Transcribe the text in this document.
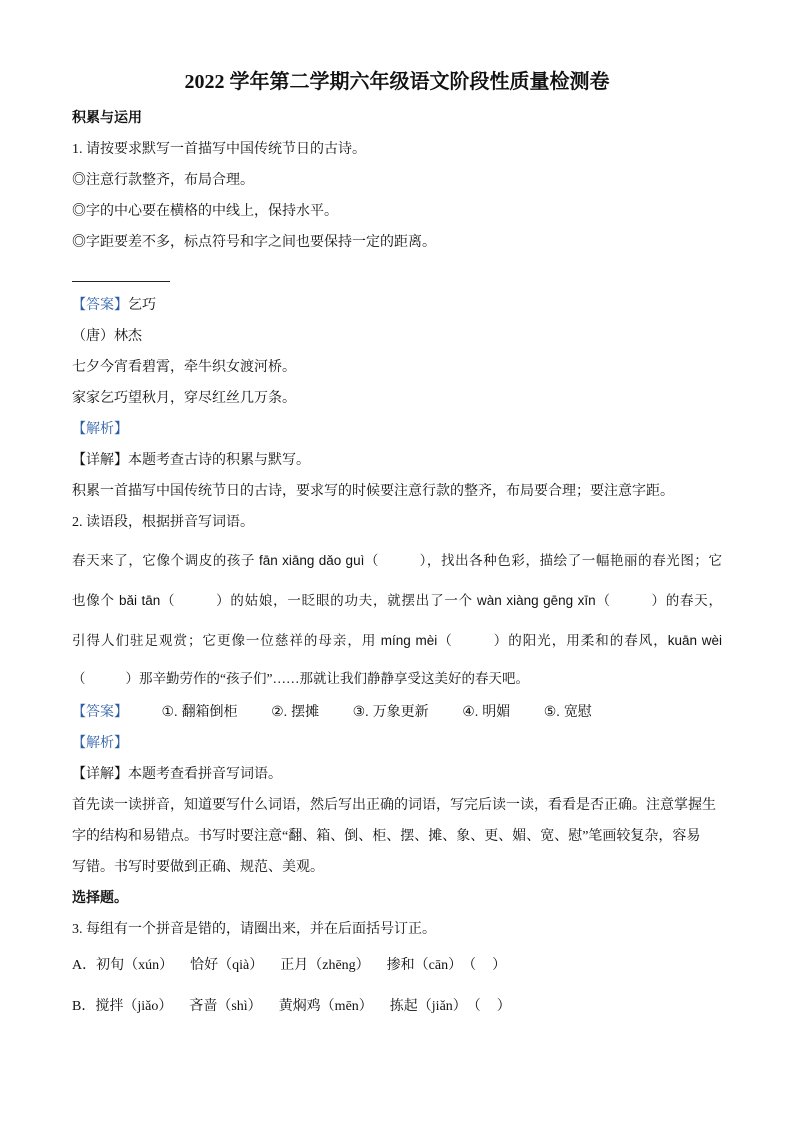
2022 学年第二学期六年级语文阶段性质量检测卷
积累与运用
1. 请按要求默写一首描写中国传统节日的古诗。
◎注意行款整齐，布局合理。
◎字的中心要在横格的中线上，保持水平。
◎字距要差不多，标点符号和字之间也要保持一定的距离。
【答案】乞巧
（唐）林杰
七夕今宵看碧霄，牵牛织女渡河桥。
家家乞巧望秋月，穿尽红丝几万条。
【解析】
【详解】本题考查古诗的积累与默写。
积累一首描写中国传统节日的古诗，要求写的时候要注意行款的整齐，布局要合理；要注意字距。
2. 读语段，根据拼音写词语。
春天来了，它像个调皮的孩子 fān xiāng dǎo guì（	），找出各种色彩，描绘了一幅艳丽的春光图；它
也像个 bǎi tān（	）的姑娘，一眨眼的功夫，就摆出了一个 wàn xiàng gēng xīn（	）的春天，
引得人们驻足观赏；它更像一位慈祥的母亲，用 míng mèi（	）的阳光，用柔和的春风，kuān wèi
（	）那辛勤劳作的“孩子们”……那就让我们静静享受这美好的春天吧。
【答案】 ①. 翻箱倒柜 ②. 摆摊 ③. 万象更新 ④. 明媚 ⑤. 宽慰
【解析】
【详解】本题考查看拼音写词语。
首先读一读拼音，知道要写什么词语，然后写出正确的词语，写完后读一读，看看是否正确。注意掌握生
字的结构和易错点。书写时要注意“翻、箱、倒、柜、摆、摊、象、更、媚、宽、慰”笔画较复杂，容易
写错。书写时要做到正确、规范、美观。
选择题。
3. 每组有一个拼音是错的，请圈出来，并在后面括号订正。
A．初旬（xún） 恰好（qià） 正月（zhēng） 掺和（cān）（ ）
B．搅拌（jiǎo） 吝啬（shì） 黄焖鸡（mēn） 拣起（jiǎn）（ ）
